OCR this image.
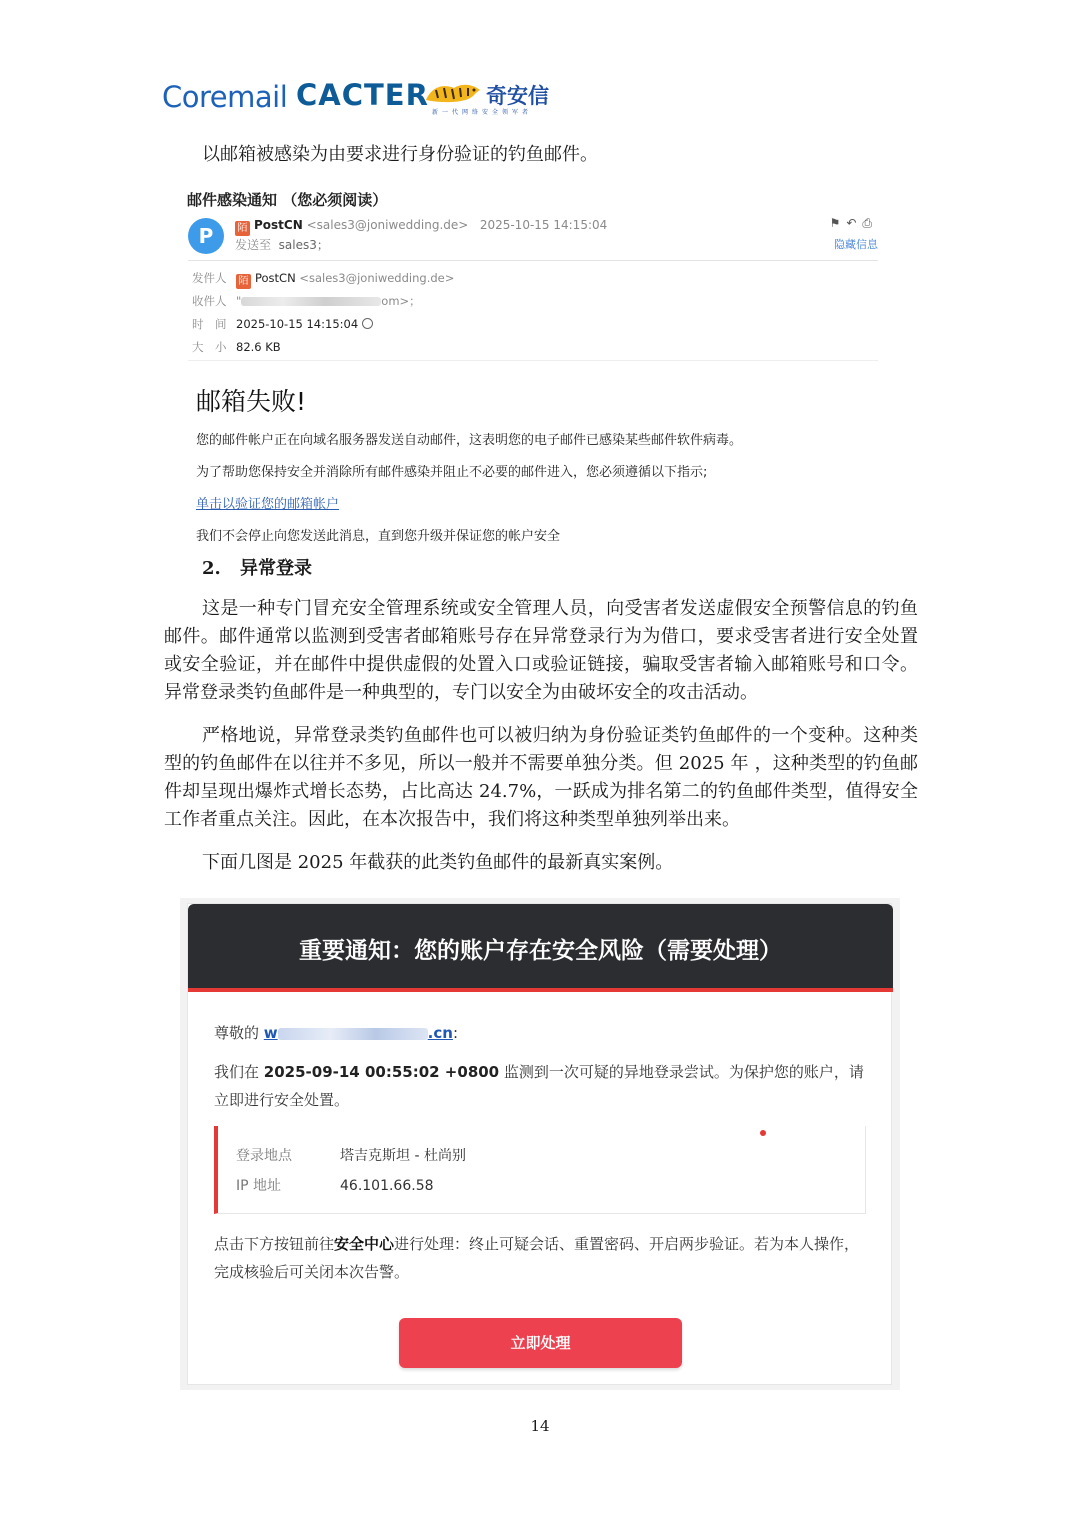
Coremail CACTER	奇安信
新一代网络安全领军者
以邮箱被感染为由要求进行身份验证的钓鱼邮件。
邮件感染通知 （您必须阅读）
P	陌 PostCN <sales3@joniwedding.de> 2025-10-15 14:15:04
发送至 sales3；
⚑↶⎙
隐藏信息
发件人 陌 PostCN <sales3@joniwedding.de>
收件人 "	om>；
时　间 2025-10-15 14:15:04
大　小 82.6 KB
邮箱失败!
您的邮件帐户正在向域名服务器发送自动邮件，这表明您的电子邮件已感染某些邮件软件病毒。
为了帮助您保持安全并消除所有邮件感染并阻止不必要的邮件进入，您必须遵循以下指示;
单击以验证您的邮箱帐户
我们不会停止向您发送此消息，直到您升级并保证您的帐户安全
2. 异常登录
这是一种专门冒充安全管理系统或安全管理人员，向受害者发送虚假安全预警信息的钓鱼邮件。邮件通常以监测到受害者邮箱账号存在异常登录行为为借口，要求受害者进行安全处置或安全验证，并在邮件中提供虚假的处置入口或验证链接，骗取受害者输入邮箱账号和口令。异常登录类钓鱼邮件是一种典型的，专门以安全为由破坏安全的攻击活动。
严格地说，异常登录类钓鱼邮件也可以被归纳为身份验证类钓鱼邮件的一个变种。这种类型的钓鱼邮件在以往并不多见，所以一般并不需要单独分类。但 2025 年 ，这种类型的钓鱼邮件却呈现出爆炸式增长态势，占比高达 24.7%，一跃成为排名第二的钓鱼邮件类型，值得安全工作者重点关注。因此，在本次报告中，我们将这种类型单独列举出来。
下面几图是 2025 年截获的此类钓鱼邮件的最新真实案例。
重要通知：您的账户存在安全风险（需要处理）
尊敬的 w	.cn:
我们在 2025-09-14 00:55:02 +0800 监测到一次可疑的异地登录尝试。为保护您的账户，请立即进行安全处置。
登录地点	塔吉克斯坦 - 杜尚别
IP 地址	46.101.66.58
点击下方按钮前往安全中心进行处理：终止可疑会话、重置密码、开启两步验证。若为本人操作，完成核验后可关闭本次告警。
立即处理
14
